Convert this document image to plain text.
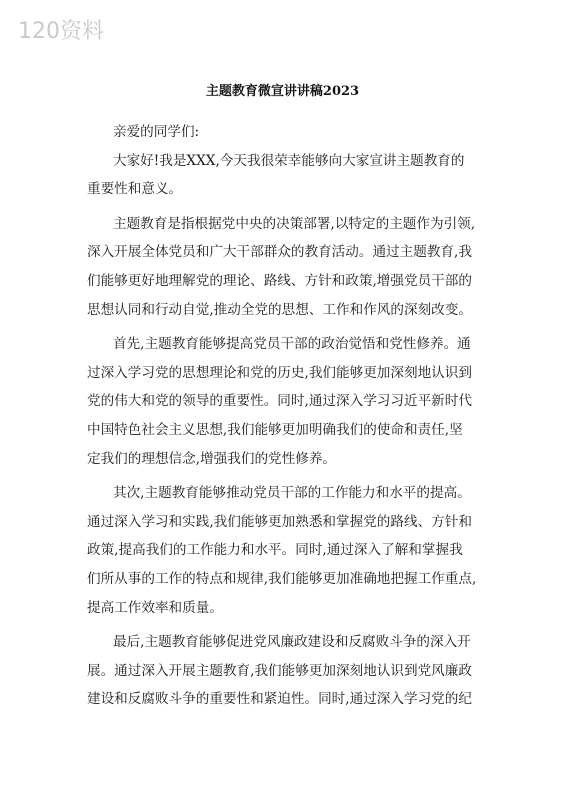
120资料
主题教育微宣讲讲稿2023
亲爱的同学们:
大家好!我是XXX,今天我很荣幸能够向大家宣讲主题教育的
重要性和意义。
主题教育是指根据党中央的决策部署,以特定的主题作为引领,
深入开展全体党员和广大干部群众的教育活动。通过主题教育,我
们能够更好地理解党的理论、路线、方针和政策,增强党员干部的
思想认同和行动自觉,推动全党的思想、工作和作风的深刻改变。
首先,主题教育能够提高党员干部的政治觉悟和党性修养。通
过深入学习党的思想理论和党的历史,我们能够更加深刻地认识到
党的伟大和党的领导的重要性。同时,通过深入学习习近平新时代
中国特色社会主义思想,我们能够更加明确我们的使命和责任,坚
定我们的理想信念,增强我们的党性修养。
其次,主题教育能够推动党员干部的工作能力和水平的提高。
通过深入学习和实践,我们能够更加熟悉和掌握党的路线、方针和
政策,提高我们的工作能力和水平。同时,通过深入了解和掌握我
们所从事的工作的特点和规律,我们能够更加准确地把握工作重点,
提高工作效率和质量。
最后,主题教育能够促进党风廉政建设和反腐败斗争的深入开
展。通过深入开展主题教育,我们能够更加深刻地认识到党风廉政
建设和反腐败斗争的重要性和紧迫性。同时,通过深入学习党的纪
